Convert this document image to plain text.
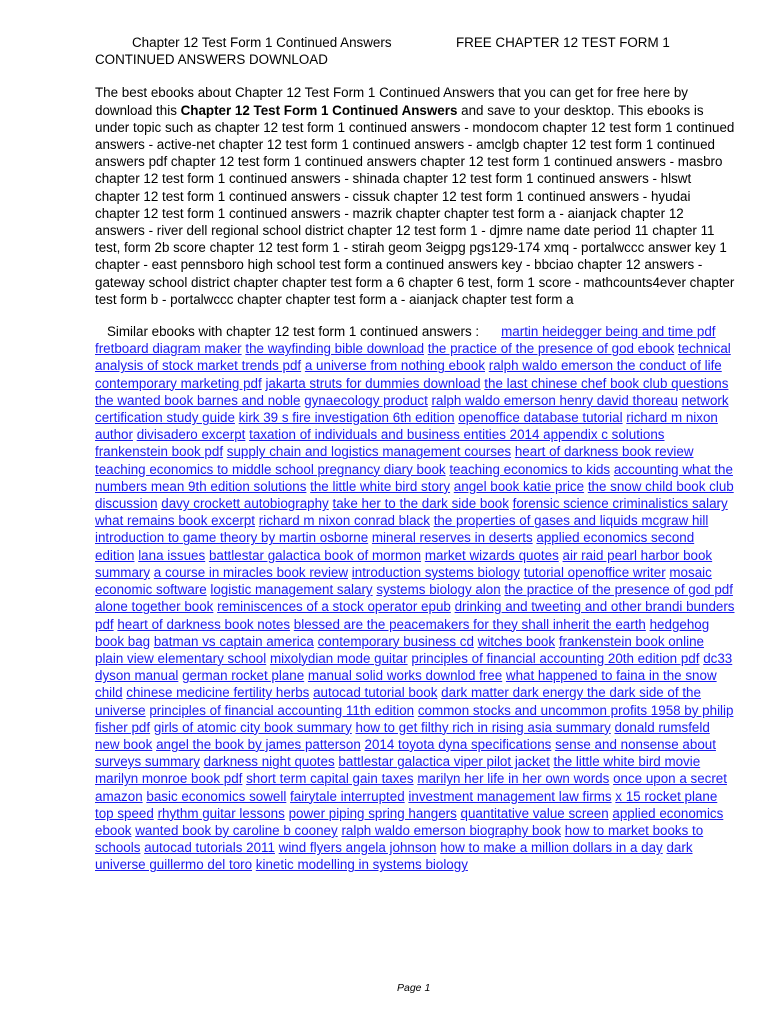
Chapter 12 Test Form 1 Continued Answers	FREE CHAPTER 12 TEST FORM 1

CONTINUED ANSWERS DOWNLOAD

The best ebooks about Chapter 12 Test Form 1 Continued Answers that you can get for free here by download this Chapter 12 Test Form 1 Continued Answers and save to your desktop. This ebooks is under topic such as chapter 12 test form 1 continued answers - mondocom chapter 12 test form 1 continued answers - active-net chapter 12 test form 1 continued answers - amclgb chapter 12 test form 1 continued answers pdf chapter 12 test form 1 continued answers chapter 12 test form 1 continued answers - masbro chapter 12 test form 1 continued answers - shinada chapter 12 test form 1 continued answers - hlswt chapter 12 test form 1 continued answers - cissuk chapter 12 test form 1 continued answers - hyudai chapter 12 test form 1 continued answers - mazrik chapter chapter test form a - aianjack chapter 12 answers - river dell regional school district chapter 12 test form 1 - djmre name date period 11 chapter 11 test, form 2b score chapter 12 test form 1 - stirah geom 3eigpg pgs129-174 xmq - portalwccc answer key 1 chapter - east pennsboro high school test form a continued answers key - bbciao chapter 12 answers - gateway school district chapter chapter test form a 6 chapter 6 test, form 1 score - mathcounts4ever chapter test form b - portalwccc chapter chapter test form a - aianjack chapter test form a

Similar ebooks with chapter 12 test form 1 continued answers : martin heidegger being and time pdf fretboard diagram maker the wayfinding bible download the practice of the presence of god ebook technical analysis of stock market trends pdf a universe from nothing ebook ralph waldo emerson the conduct of life contemporary marketing pdf jakarta struts for dummies download the last chinese chef book club questions the wanted book barnes and noble gynaecology product ralph waldo emerson henry david thoreau network certification study guide kirk 39 s fire investigation 6th edition openoffice database tutorial richard m nixon author divisadero excerpt taxation of individuals and business entities 2014 appendix c solutions frankenstein book pdf supply chain and logistics management courses heart of darkness book review teaching economics to middle school pregnancy diary book teaching economics to kids accounting what the numbers mean 9th edition solutions the little white bird story angel book katie price the snow child book club discussion davy crockett autobiography take her to the dark side book forensic science criminalistics salary what remains book excerpt richard m nixon conrad black the properties of gases and liquids mcgraw hill introduction to game theory by martin osborne mineral reserves in deserts applied economics second edition lana issues battlestar galactica book of mormon market wizards quotes air raid pearl harbor book summary a course in miracles book review introduction systems biology tutorial openoffice writer mosaic economic software logistic management salary systems biology alon the practice of the presence of god pdf alone together book reminiscences of a stock operator epub drinking and tweeting and other brandi bunders pdf heart of darkness book notes blessed are the peacemakers for they shall inherit the earth hedgehog book bag batman vs captain america contemporary business cd witches book frankenstein book online plain view elementary school mixolydian mode guitar principles of financial accounting 20th edition pdf dc33 dyson manual german rocket plane manual solid works downlod free what happened to faina in the snow child chinese medicine fertility herbs autocad tutorial book dark matter dark energy the dark side of the universe principles of financial accounting 11th edition common stocks and uncommon profits 1958 by philip fisher pdf girls of atomic city book summary how to get filthy rich in rising asia summary donald rumsfeld new book angel the book by james patterson 2014 toyota dyna specifications sense and nonsense about surveys summary darkness night quotes battlestar galactica viper pilot jacket the little white bird movie marilyn monroe book pdf short term capital gain taxes marilyn her life in her own words once upon a secret amazon basic economics sowell fairytale interrupted investment management law firms x 15 rocket plane top speed rhythm guitar lessons power piping spring hangers quantitative value screen applied economics ebook wanted book by caroline b cooney ralph waldo emerson biography book how to market books to schools autocad tutorials 2011 wind flyers angela johnson how to make a million dollars in a day dark universe guillermo del toro kinetic modelling in systems biology

Page 1
